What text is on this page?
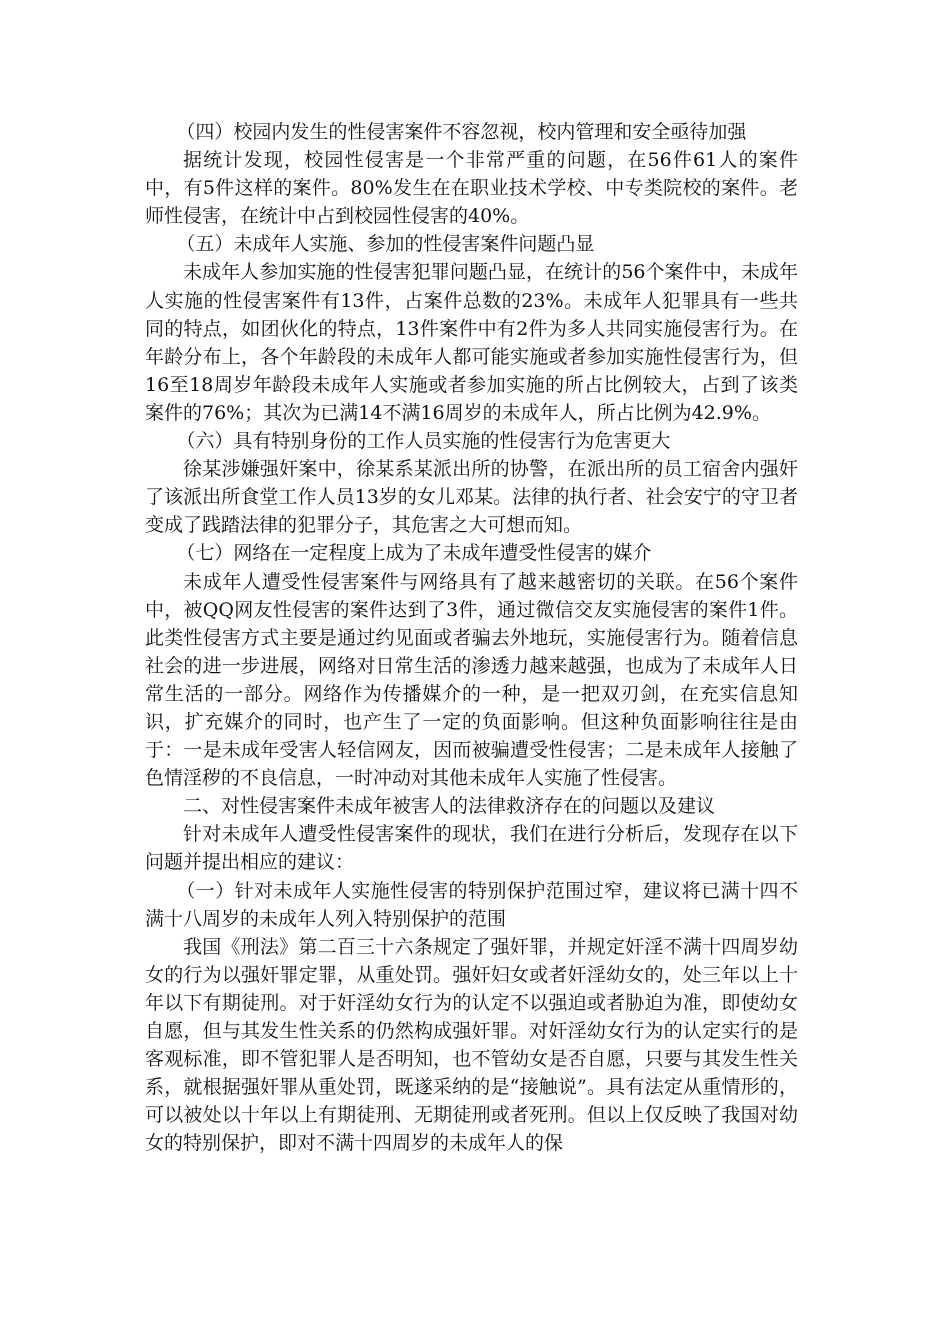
（四）校园内发生的性侵害案件不容忽视，校内管理和安全亟待加强

据统计发现，校园性侵害是一个非常严重的问题，在56件61人的案件中，有5件这样的案件。80%发生在在职业技术学校、中专类院校的案件。老师性侵害，在统计中占到校园性侵害的40%。

（五）未成年人实施、参加的性侵害案件问题凸显

未成年人参加实施的性侵害犯罪问题凸显，在统计的56个案件中，未成年人实施的性侵害案件有13件，占案件总数的23%。未成年人犯罪具有一些共同的特点，如团伙化的特点，13件案件中有2件为多人共同实施侵害行为。在年龄分布上，各个年龄段的未成年人都可能实施或者参加实施性侵害行为，但16至18周岁年龄段未成年人实施或者参加实施的所占比例较大，占到了该类案件的76%；其次为已满14不满16周岁的未成年人，所占比例为42.9%。

（六）具有特别身份的工作人员实施的性侵害行为危害更大

徐某涉嫌强奸案中，徐某系某派出所的协警，在派出所的员工宿舍内强奸了该派出所食堂工作人员13岁的女儿邓某。法律的执行者、社会安宁的守卫者变成了践踏法律的犯罪分子，其危害之大可想而知。

（七）网络在一定程度上成为了未成年遭受性侵害的媒介

未成年人遭受性侵害案件与网络具有了越来越密切的关联。在56个案件中，被QQ网友性侵害的案件达到了3件，通过微信交友实施侵害的案件1件。此类性侵害方式主要是通过约见面或者骗去外地玩，实施侵害行为。随着信息社会的进一步进展，网络对日常生活的渗透力越来越强，也成为了未成年人日常生活的一部分。网络作为传播媒介的一种，是一把双刃剑，在充实信息知识，扩充媒介的同时，也产生了一定的负面影响。但这种负面影响往往是由于：一是未成年受害人轻信网友，因而被骗遭受性侵害；二是未成年人接触了色情淫秽的不良信息，一时冲动对其他未成年人实施了性侵害。

二、对性侵害案件未成年被害人的法律救济存在的问题以及建议

针对未成年人遭受性侵害案件的现状，我们在进行分析后，发现存在以下问题并提出相应的建议：

（一）针对未成年人实施性侵害的特别保护范围过窄，建议将已满十四不满十八周岁的未成年人列入特别保护的范围

我国《刑法》第二百三十六条规定了强奸罪，并规定奸淫不满十四周岁幼女的行为以强奸罪定罪，从重处罚。强奸妇女或者奸淫幼女的，处三年以上十年以下有期徒刑。对于奸淫幼女行为的认定不以强迫或者胁迫为准，即使幼女自愿，但与其发生性关系的仍然构成强奸罪。对奸淫幼女行为的认定实行的是客观标准，即不管犯罪人是否明知，也不管幼女是否自愿，只要与其发生性关系，就根据强奸罪从重处罚，既遂采纳的是“接触说”。具有法定从重情形的，可以被处以十年以上有期徒刑、无期徒刑或者死刑。但以上仅反映了我国对幼女的特别保护，即对不满十四周岁的未成年人的保
